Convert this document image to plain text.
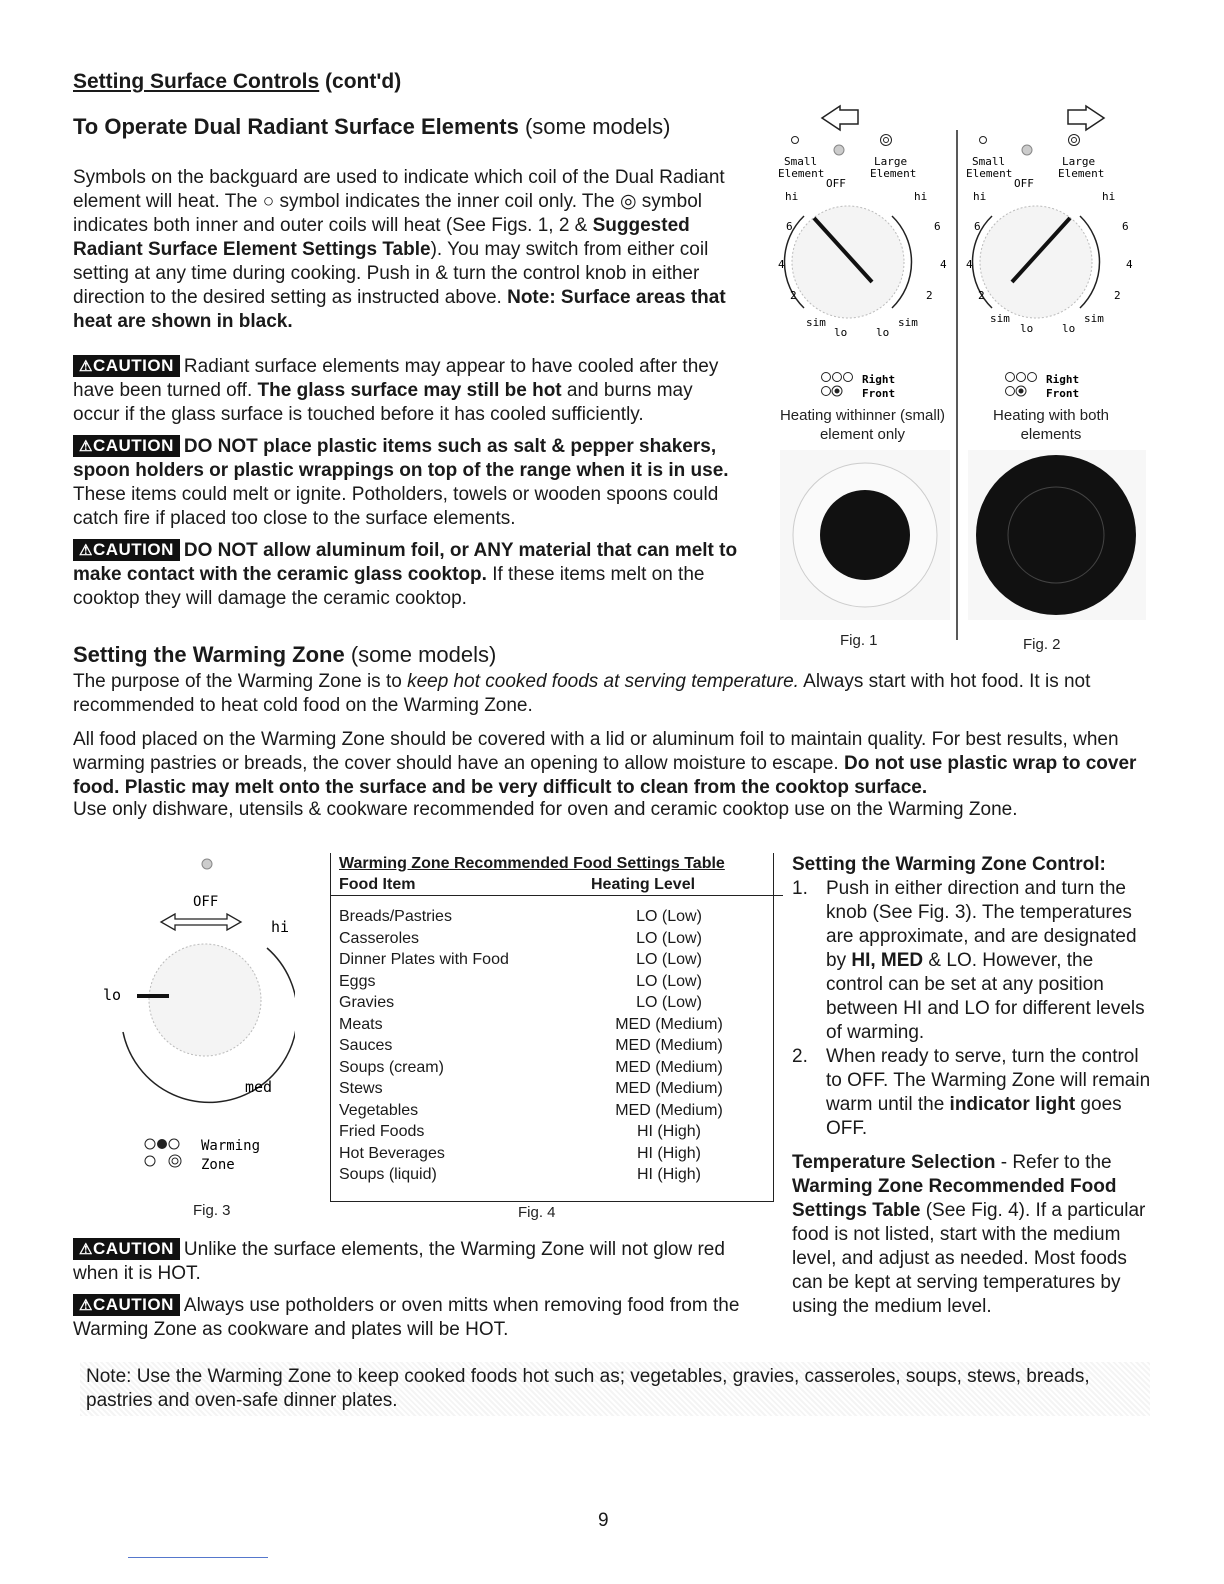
Setting Surface Controls (cont'd)
To Operate Dual Radiant Surface Elements (some models)

Symbols on the backguard are used to indicate which coil of the Dual Radiant element will heat. The ○ symbol indicates the inner coil only. The ◎ symbol indicates both inner and outer coils will heat (See Figs. 1, 2 & Suggested Radiant Surface Element Settings Table). You may switch from either coil setting at any time during cooking. Push in & turn the control knob in either direction to the desired setting as instructed above. Note: Surface areas that heat are shown in black.

⚠CAUTION Radiant surface elements may appear to have cooled after they have been turned off. The glass surface may still be hot and burns may occur if the glass surface is touched before it has cooled sufficiently.

⚠CAUTION DO NOT place plastic items such as salt & pepper shakers, spoon holders or plastic wrappings on top of the range when it is in use. These items could melt or ignite. Potholders, towels or wooden spoons could catch fire if placed too close to the surface elements.

⚠CAUTION DO NOT allow aluminum foil, or ANY material that can melt to make contact with the ceramic glass cooktop. If these items melt on the cooktop they will damage the ceramic cooktop.

Small
Element
OFF
Large
Element
hi	hi
6	6
4	4
2	2
sim	sim
lo	lo
Right
Front
Small
Element
OFF
Large
Element
hi	hi
6	6
4	4
2	2
sim	sim
lo	lo
Right
Front
Heating withinner (small) element only
Heating with both elements
Fig. 1	Fig. 2
Setting the Warming Zone (some models)

The purpose of the Warming Zone is to keep hot cooked foods at serving temperature. Always start with hot food. It is not recommended to heat cold food on the Warming Zone.

All food placed on the Warming Zone should be covered with a lid or aluminum foil to maintain quality. For best results, when warming pastries or breads, the cover should have an opening to allow moisture to escape. Do not use plastic wrap to cover food. Plastic may melt onto the surface and be very difficult to clean from the cooktop surface.

Use only dishware, utensils & cookware recommended for oven and ceramic cooktop use on the Warming Zone.

OFF
hi
lo
med
Warming
Zone
Fig. 3
Warming Zone Recommended Food Settings Table
Food Item	Heating Level
Breads/Pastries	LO (Low)
Casseroles	LO (Low)
Dinner Plates with Food	LO (Low)
Eggs	LO (Low)
Gravies	LO (Low)
Meats	MED (Medium)
Sauces	MED (Medium)
Soups (cream)	MED (Medium)
Stews	MED (Medium)
Vegetables	MED (Medium)
Fried Foods	HI (High)
Hot Beverages	HI (High)
Soups (liquid)	HI (High)
Fig. 4
Setting the Warming Zone Control:
1. Push in either direction and turn the knob (See Fig. 3). The temperatures are approximate, and are designated by HI, MED & LO. However, the control can be set at any position between HI and LO for different levels of warming.
2. When ready to serve, turn the control to OFF. The Warming Zone will remain warm until the indicator light goes OFF.

Temperature Selection - Refer to the Warming Zone Recommended Food Settings Table (See Fig. 4). If a particular food is not listed, start with the medium level, and adjust as needed. Most foods can be kept at serving temperatures by using the medium level.

⚠CAUTION Unlike the surface elements, the Warming Zone will not glow red when it is HOT.

⚠CAUTION Always use potholders or oven mitts when removing food from the Warming Zone as cookware and plates will be HOT.

Note: Use the Warming Zone to keep cooked foods hot such as; vegetables, gravies, casseroles, soups, stews, breads, pastries and oven-safe dinner plates.
9
